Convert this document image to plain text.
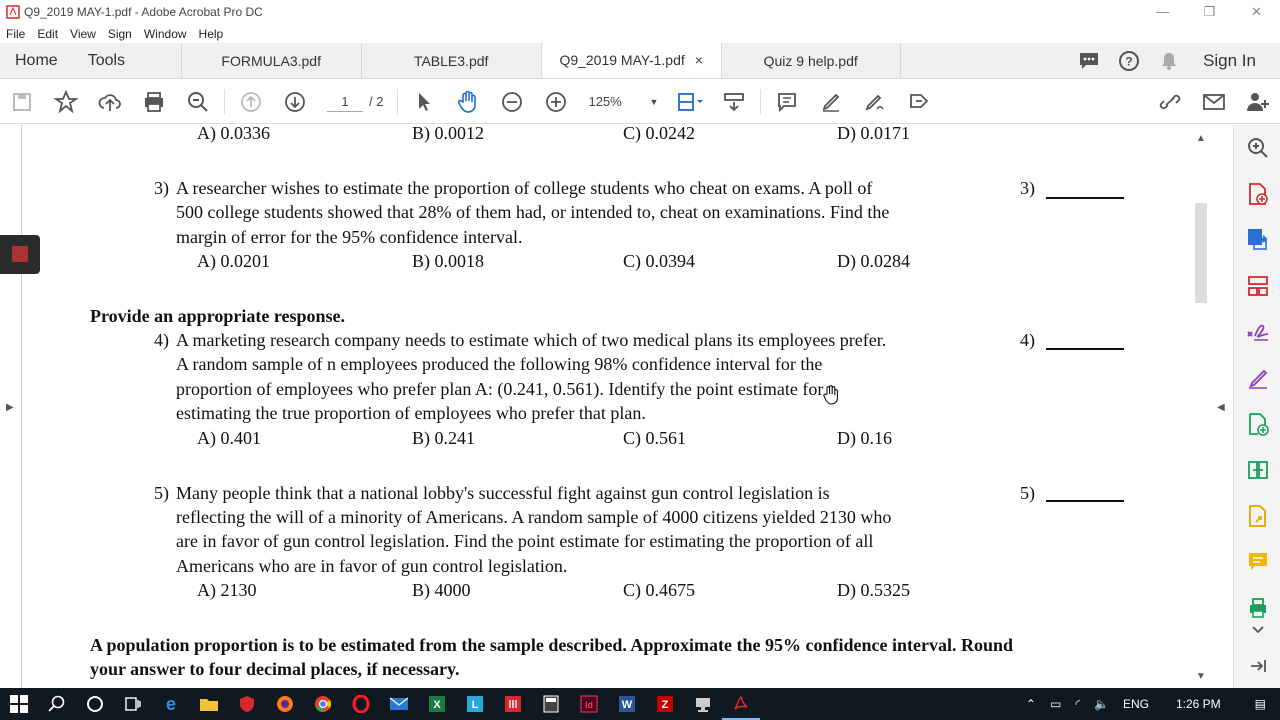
Q9_2019 MAY-1.pdf - Adobe Acrobat Pro DC	—	❐	✕
File	Edit	View	Sign	Window	Help
Home	Tools	FORMULA3.pdf	TABLE3.pdf	Q9_2019 MAY-1.pdf ×	Quiz 9 help.pdf	?	Sign In
1	/ 2	125%	▼
A) 0.0336	B) 0.0012	C) 0.0242	D) 0.0171
3) A researcher wishes to estimate the proportion of college students who cheat on exams. A poll of
500 college students showed that 28% of them had, or intended to, cheat on examinations. Find the
margin of error for the 95% confidence interval.
A) 0.0201	B) 0.0018	C) 0.0394	D) 0.0284
3)
Provide an appropriate response.
4) A marketing research company needs to estimate which of two medical plans its employees prefer.
A random sample of n employees produced the following 98% confidence interval for the
proportion of employees who prefer plan A: (0.241, 0.561). Identify the point estimate for
estimating the true proportion of employees who prefer that plan.
A) 0.401	B) 0.241	C) 0.561	D) 0.16
4)
5) Many people think that a national lobby's successful fight against gun control legislation is
reflecting the will of a minority of Americans. A random sample of 4000 citizens yielded 2130 who
are in favor of gun control legislation. Find the point estimate for estimating the proportion of all
Americans who are in favor of gun control legislation.
A) 2130	B) 4000	C) 0.4675	D) 0.5325
5)
A population proportion is to be estimated from the sample described. Approximate the 95% confidence interval. Round
your answer to four decimal places, if necessary.
▶
▲
▼
◀
e	X	L	Id	W	Z	⌃	▭	◜	🔈	ENG	1:26 PM	▤
